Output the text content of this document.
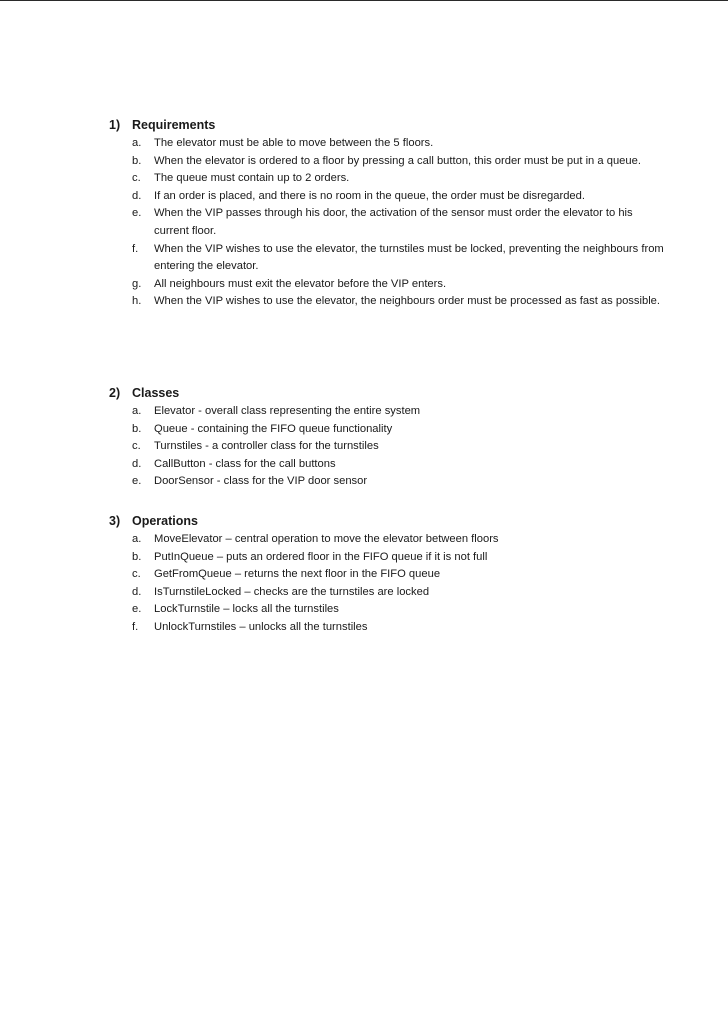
1) Requirements
a.	The elevator must be able to move between the 5 floors.
b.	When the elevator is ordered to a floor by pressing a call button, this order must be put in a queue.
c.	The queue must contain up to 2 orders.
d.	If an order is placed, and there is no room in the queue, the order must be disregarded.
e.	When the VIP passes through his door, the activation of the sensor must order the elevator to his current floor.
f.	When the VIP wishes to use the elevator, the turnstiles must be locked, preventing the neighbours from entering the elevator.
g.	All neighbours must exit the elevator before the VIP enters.
h.	When the VIP wishes to use the elevator, the neighbours order must be processed as fast as possible.
2) Classes
a.	Elevator - overall class representing the entire system
b.	Queue - containing the FIFO queue functionality
c.	Turnstiles - a controller class for the turnstiles
d.	CallButton - class for the call buttons
e.	DoorSensor - class for the VIP door sensor
3) Operations
a.	MoveElevator – central operation to move the elevator between floors
b.	PutInQueue – puts an ordered floor in the FIFO queue if it is not full
c.	GetFromQueue – returns the next floor in the FIFO queue
d.	IsTurnstileLocked – checks are the turnstiles are locked
e.	LockTurnstile – locks all the turnstiles
f.	UnlockTurnstiles – unlocks all the turnstiles
